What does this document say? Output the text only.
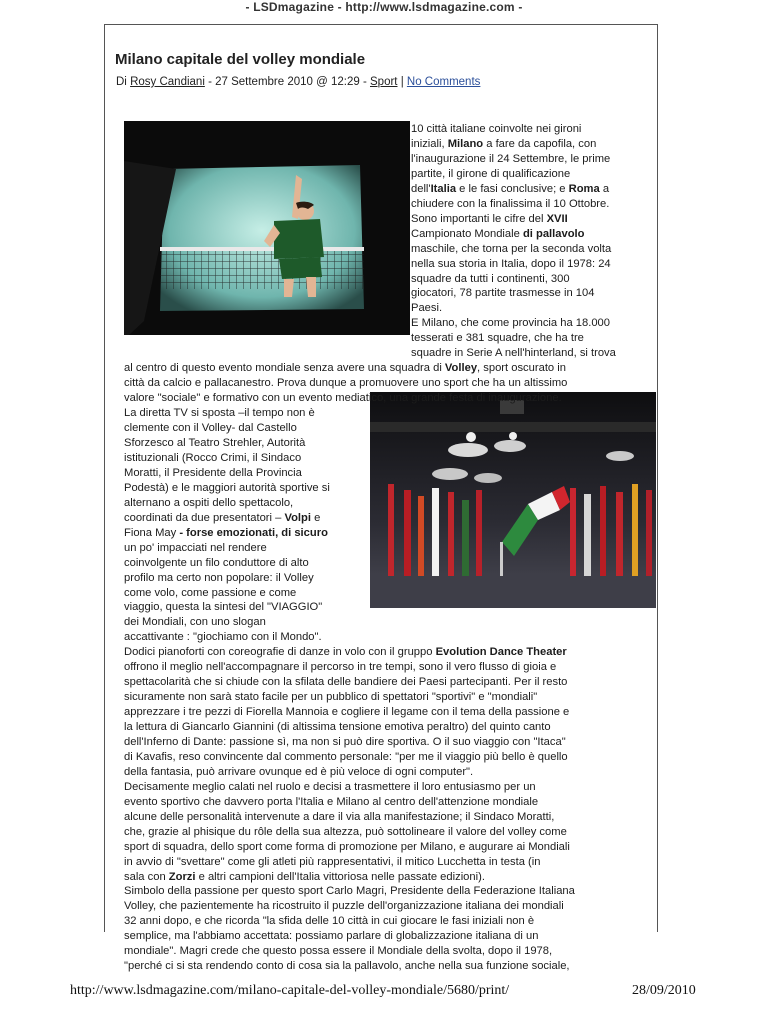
- LSDmagazine - http://www.lsdmagazine.com -
Milano capitale del volley mondiale
Di Rosy Candiani - 27 Settembre 2010 @ 12:29 - Sport | No Comments
10 città italiane coinvolte nei gironi
iniziali, Milano a fare da capofila, con
l'inaugurazione il 24 Settembre, le prime
partite, il girone di qualificazione
dell'Italia e le fasi conclusive; e Roma a
chiudere con la finalissima il 10 Ottobre.
Sono importanti le cifre del XVII
Campionato Mondiale di pallavolo
maschile, che torna per la seconda volta
nella sua storia in Italia, dopo il 1978: 24
squadre da tutti i continenti, 300
giocatori, 78 partite trasmesse in 104
Paesi.
E Milano, che come provincia ha 18.000
tesserati e 381 squadre, che ha tre
squadre in Serie A nell'hinterland, si trova
al centro di questo evento mondiale senza avere una squadra di Volley, sport oscurato in
città da calcio e pallacanestro. Prova dunque a promuovere uno sport che ha un altissimo
valore "sociale" e formativo con un evento mediatico, una grande festa di inaugurazione.
La diretta TV si sposta –il tempo non è
clemente con il Volley- dal Castello
Sforzesco al Teatro Strehler, Autorità
istituzionali (Rocco Crimi, il Sindaco
Moratti, il Presidente della Provincia
Podestà) e le maggiori autorità sportive si
alternano a ospiti dello spettacolo,
coordinati da due presentatori – Volpi e
Fiona May - forse emozionati, di sicuro
un po' impacciati nel rendere
coinvolgente un filo conduttore di alto
profilo ma certo non popolare: il Volley
come volo, come passione e come
viaggio, questa la sintesi del "VIAGGIO"
dei Mondiali, con uno slogan
accattivante : "giochiamo con il Mondo".
Dodici pianoforti con coreografie di danze in volo con il gruppo Evolution Dance Theater
offrono il meglio nell'accompagnare il percorso in tre tempi, sono il vero flusso di gioia e
spettacolarità che si chiude con la sfilata delle bandiere dei Paesi partecipanti. Per il resto
sicuramente non sarà stato facile per un pubblico di spettatori "sportivi" e "mondiali"
apprezzare i tre pezzi di Fiorella Mannoia e cogliere il legame con il tema della passione e
la lettura di Giancarlo Giannini (di altissima tensione emotiva peraltro) del quinto canto
dell'Inferno di Dante: passione sì, ma non si può dire sportiva. O il suo viaggio con "Itaca"
di Kavafis, reso convincente dal commento personale: "per me il viaggio più bello è quello
della fantasia, può arrivare ovunque ed è più veloce di ogni computer".
Decisamente meglio calati nel ruolo e decisi a trasmettere il loro entusiasmo per un
evento sportivo che davvero porta l'Italia e Milano al centro dell'attenzione mondiale
alcune delle personalità intervenute a dare il via alla manifestazione; il Sindaco Moratti,
che, grazie al phisique du rôle della sua altezza, può sottolineare il valore del volley come
sport di squadra, dello sport come forma di promozione per Milano, e augurare ai Mondiali
in avvio di "svettare" come gli atleti più rappresentativi, il mitico Lucchetta in testa (in
sala con Zorzi e altri campioni dell'Italia vittoriosa nelle passate edizioni).
Simbolo della passione per questo sport Carlo Magri, Presidente della Federazione Italiana
Volley, che pazientemente ha ricostruito il puzzle dell'organizzazione italiana dei mondiali
32 anni dopo, e che ricorda "la sfida delle 10 città in cui giocare le fasi iniziali non è
semplice, ma l'abbiamo accettata: possiamo parlare di globalizzazione italiana di un
mondiale". Magri crede che questo possa essere il Mondiale della svolta, dopo il 1978,
"perché ci si sta rendendo conto di cosa sia la pallavolo, anche nella sua funzione sociale,
http://www.lsdmagazine.com/milano-capitale-del-volley-mondiale/5680/print/	28/09/2010
